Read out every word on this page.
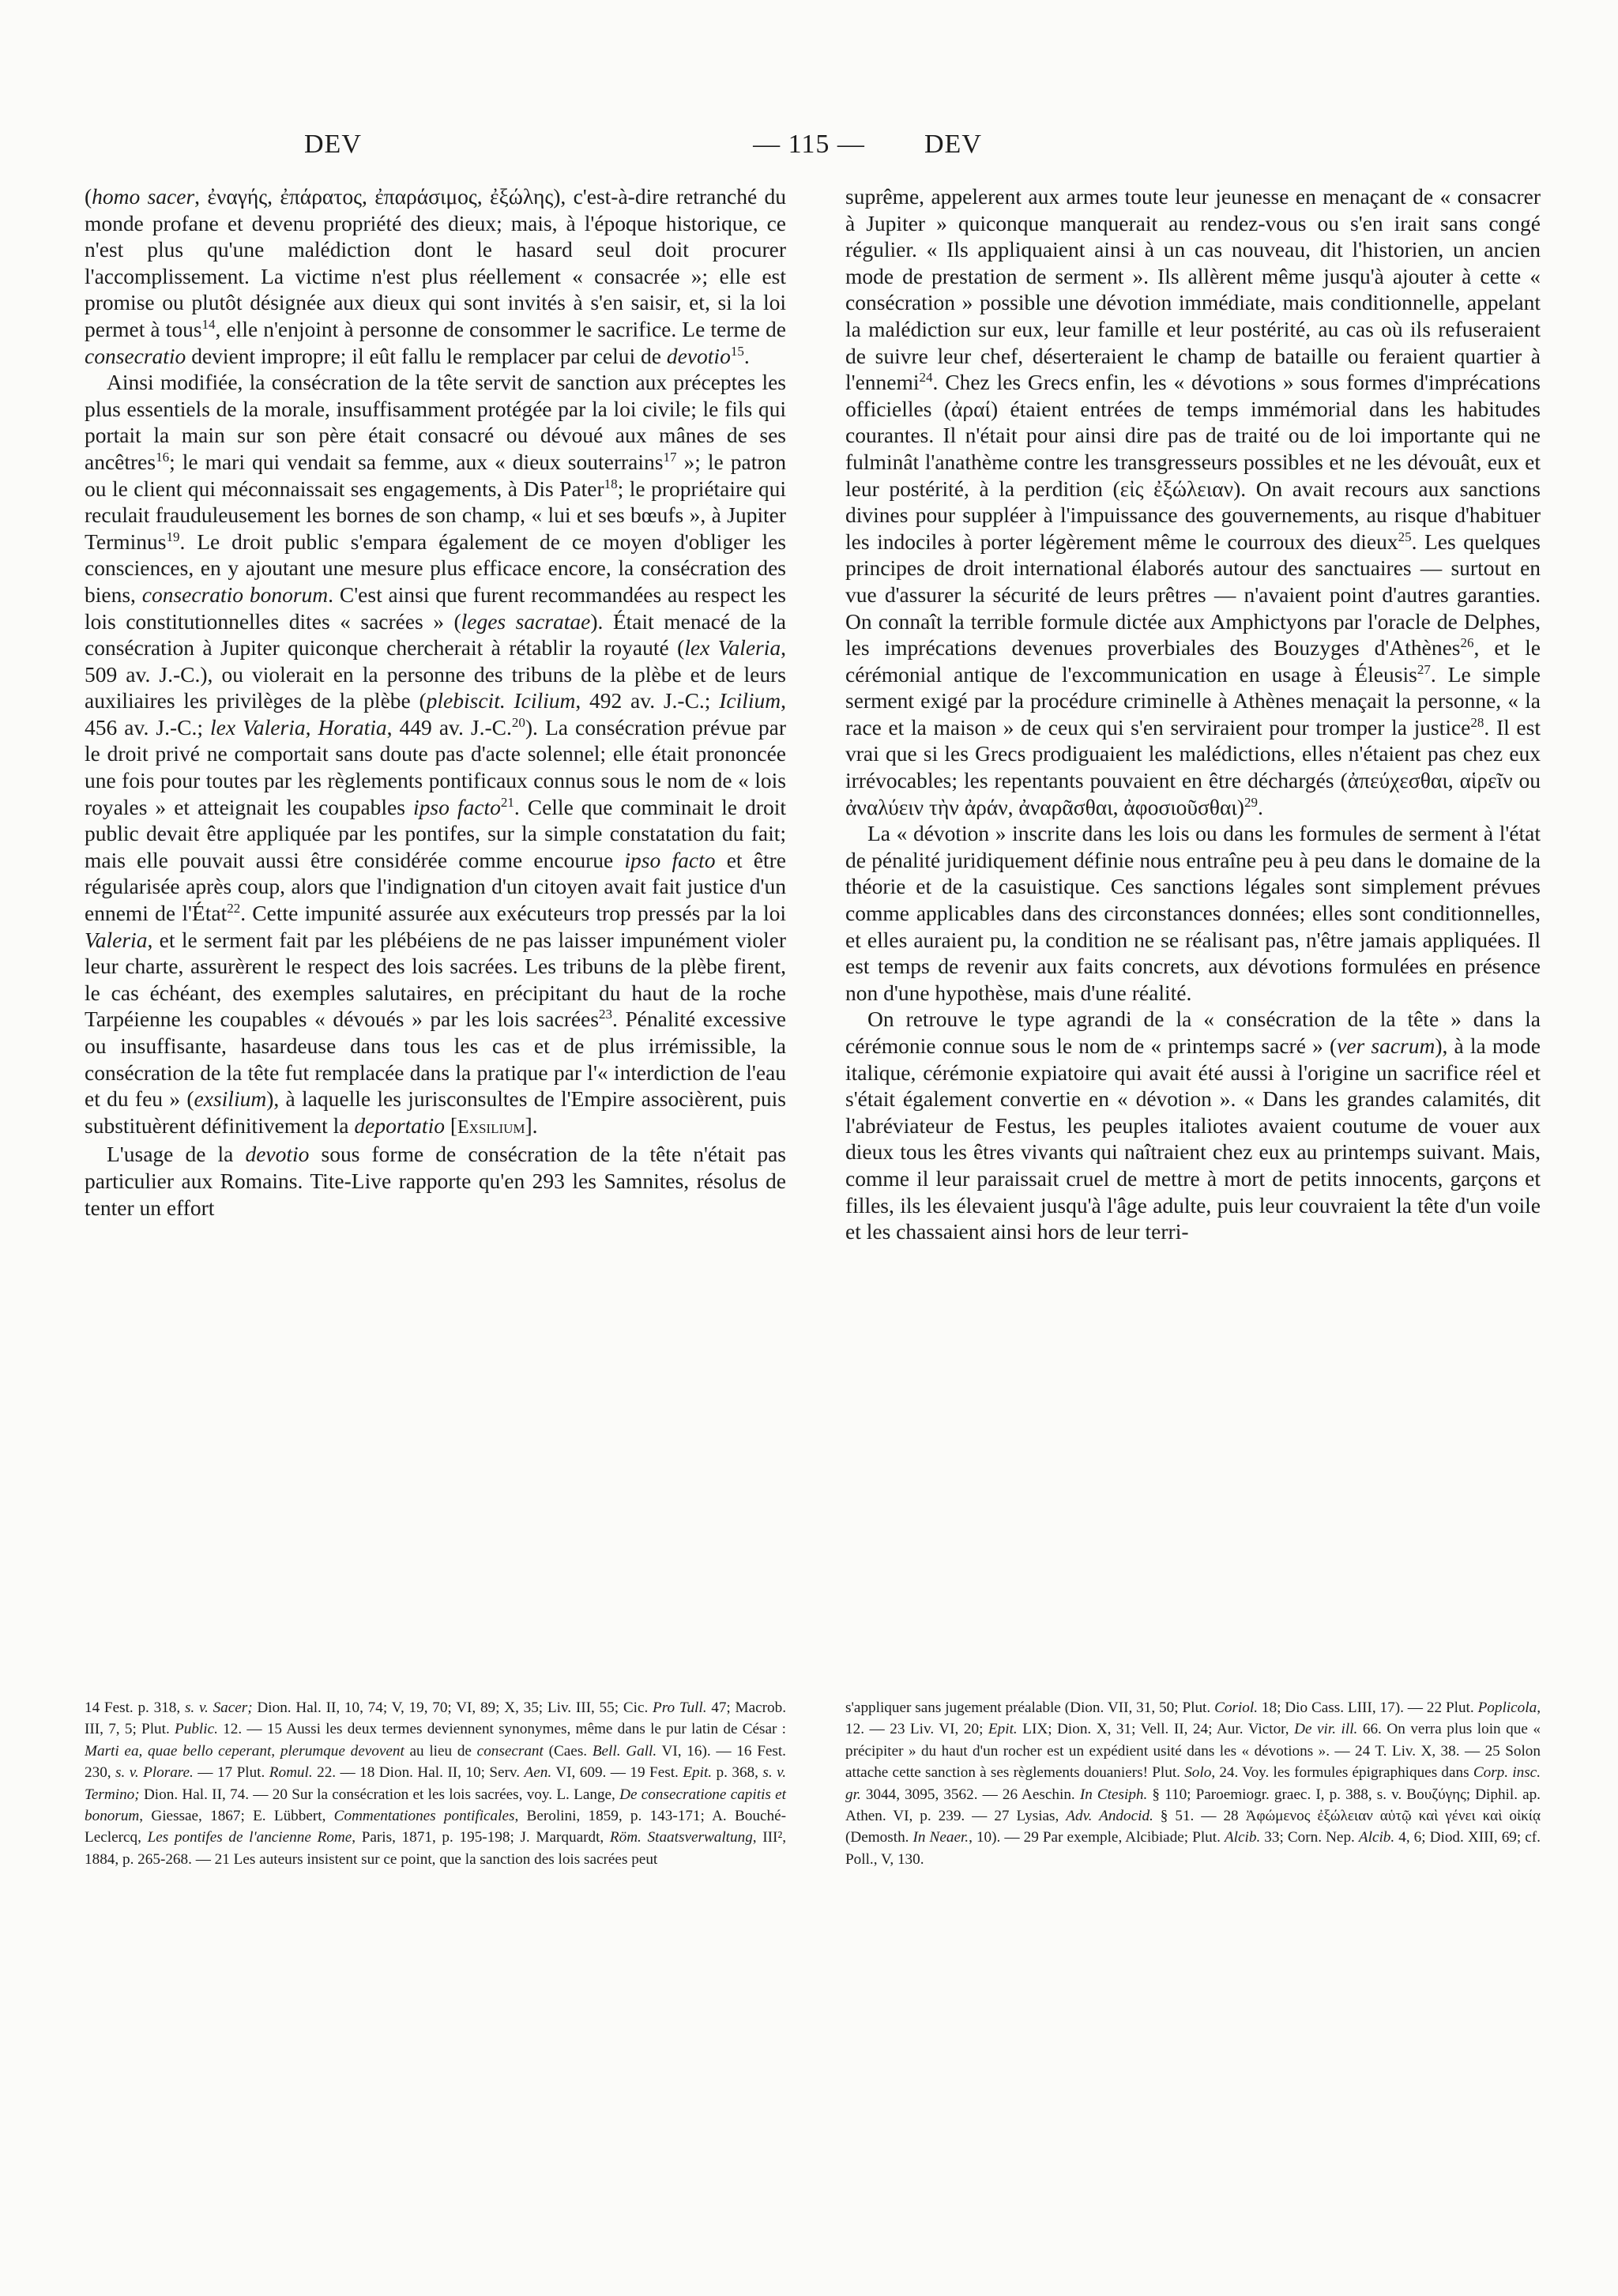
DEV	— 115 —	DEV

(homo sacer, ἐναγής, ἐπάρατος, ἐπαράσιμος, ἐξώλης), c'est-à-dire retranché du monde profane et devenu propriété des dieux; mais, à l'époque historique, ce n'est plus qu'une malédiction dont le hasard seul doit procurer l'accomplissement. La victime n'est plus réellement « consacrée »; elle est promise ou plutôt désignée aux dieux qui sont invités à s'en saisir, et, si la loi permet à tous$^{14}$, elle n'enjoint à personne de consommer le sacrifice. Le terme de consecratio devient impropre; il eût fallu le remplacer par celui de devotio$^{15}$.

Ainsi modifiée, la consécration de la tête servit de sanction aux préceptes les plus essentiels de la morale, insuffisamment protégée par la loi civile; le fils qui portait la main sur son père était consacré ou dévoué aux mânes de ses ancêtres$^{16}$; le mari qui vendait sa femme, aux « dieux souterrains$^{17}$ »; le patron ou le client qui méconnaissait ses engagements, à Dis Pater$^{18}$; le propriétaire qui reculait frauduleusement les bornes de son champ, « lui et ses bœufs », à Jupiter Terminus$^{19}$. Le droit public s'empara également de ce moyen d'obliger les consciences, en y ajoutant une mesure plus efficace encore, la consécration des biens, consecratio bonorum. C'est ainsi que furent recommandées au respect les lois constitutionnelles dites « sacrées » (leges sacratae). Était menacé de la consécration à Jupiter quiconque chercherait à rétablir la royauté (lex Valeria, 509 av. J.-C.), ou violerait en la personne des tribuns de la plèbe et de leurs auxiliaires les privilèges de la plèbe (plebiscit. Icilium, 492 av. J.-C.; Icilium, 456 av. J.-C.; lex Valeria, Horatia, 449 av. J.-C.$^{20}$). La consécration prévue par le droit privé ne comportait sans doute pas d'acte solennel; elle était prononcée une fois pour toutes par les règlements pontificaux connus sous le nom de « lois royales » et atteignait les coupables ipso facto$^{21}$. Celle que comminait le droit public devait être appliquée par les pontifes, sur la simple constatation du fait; mais elle pouvait aussi être considérée comme encourue ipso facto et être régularisée après coup, alors que l'indignation d'un citoyen avait fait justice d'un ennemi de l'État$^{22}$. Cette impunité assurée aux exécuteurs trop pressés par la loi Valeria, et le serment fait par les plébéiens de ne pas laisser impunément violer leur charte, assurèrent le respect des lois sacrées. Les tribuns de la plèbe firent, le cas échéant, des exemples salutaires, en précipitant du haut de la roche Tarpéienne les coupables « dévoués » par les lois sacrées$^{23}$. Pénalité excessive ou insuffisante, hasardeuse dans tous les cas et de plus irrémissible, la consécration de la tête fut remplacée dans la pratique par l'« interdiction de l'eau et du feu » (exsilium), à laquelle les jurisconsultes de l'Empire associèrent, puis substituèrent définitivement la deportatio [Exsilium].

L'usage de la devotio sous forme de consécration de la tête n'était pas particulier aux Romains. Tite-Live rapporte qu'en 293 les Samnites, résolus de tenter un effort

suprême, appelerent aux armes toute leur jeunesse en menaçant de « consacrer à Jupiter » quiconque manquerait au rendez-vous ou s'en irait sans congé régulier. « Ils appliquaient ainsi à un cas nouveau, dit l'historien, un ancien mode de prestation de serment ». Ils allèrent même jusqu'à ajouter à cette « consécration » possible une dévotion immédiate, mais conditionnelle, appelant la malédiction sur eux, leur famille et leur postérité, au cas où ils refuseraient de suivre leur chef, déserteraient le champ de bataille ou feraient quartier à l'ennemi$^{24}$. Chez les Grecs enfin, les « dévotions » sous formes d'imprécations officielles (ἀραί) étaient entrées de temps immémorial dans les habitudes courantes. Il n'était pour ainsi dire pas de traité ou de loi importante qui ne fulminât l'anathème contre les transgresseurs possibles et ne les dévouât, eux et leur postérité, à la perdition (εἰς ἐξώλειαν). On avait recours aux sanctions divines pour suppléer à l'impuissance des gouvernements, au risque d'habituer les indociles à porter légèrement même le courroux des dieux$^{25}$. Les quelques principes de droit international élaborés autour des sanctuaires — surtout en vue d'assurer la sécurité de leurs prêtres — n'avaient point d'autres garanties. On connaît la terrible formule dictée aux Amphictyons par l'oracle de Delphes, les imprécations devenues proverbiales des Bouzyges d'Athènes$^{26}$, et le cérémonial antique de l'excommunication en usage à Éleusis$^{27}$. Le simple serment exigé par la procédure criminelle à Athènes menaçait la personne, « la race et la maison » de ceux qui s'en serviraient pour tromper la justice$^{28}$. Il est vrai que si les Grecs prodiguaient les malédictions, elles n'étaient pas chez eux irrévocables; les repentants pouvaient en être déchargés (ἀπεύχεσθαι, αἱρεῖν ou ἀναλύειν τὴν ἀράν, ἀναρᾶσθαι, ἀφοσιοῦσθαι)$^{29}$.

La « dévotion » inscrite dans les lois ou dans les formules de serment à l'état de pénalité juridiquement définie nous entraîne peu à peu dans le domaine de la théorie et de la casuistique. Ces sanctions légales sont simplement prévues comme applicables dans des circonstances données; elles sont conditionnelles, et elles auraient pu, la condition ne se réalisant pas, n'être jamais appliquées. Il est temps de revenir aux faits concrets, aux dévotions formulées en présence non d'une hypothèse, mais d'une réalité.

On retrouve le type agrandi de la « consécration de la tête » dans la cérémonie connue sous le nom de « printemps sacré » (ver sacrum), à la mode italique, cérémonie expiatoire qui avait été aussi à l'origine un sacrifice réel et s'était également convertie en « dévotion ». « Dans les grandes calamités, dit l'abréviateur de Festus, les peuples italiotes avaient coutume de vouer aux dieux tous les êtres vivants qui naîtraient chez eux au printemps suivant. Mais, comme il leur paraissait cruel de mettre à mort de petits innocents, garçons et filles, ils les élevaient jusqu'à l'âge adulte, puis leur couvraient la tête d'un voile et les chassaient ainsi hors de leur terri-

14 Fest. p. 318, s. v. Sacer; Dion. Hal. II, 10, 74; V, 19, 70; VI, 89; X, 35; Liv. III, 55; Cic. Pro Tull. 47; Macrob. III, 7, 5; Plut. Public. 12. — 15 Aussi les deux termes deviennent synonymes, même dans le pur latin de César : Marti ea, quae bello ceperant, plerumque devovent au lieu de consecrant (Caes. Bell. Gall. VI, 16). — 16 Fest. 230, s. v. Plorare. — 17 Plut. Romul. 22. — 18 Dion. Hal. II, 10; Serv. Aen. VI, 609. — 19 Fest. Epit. p. 368, s. v. Termino; Dion. Hal. II, 74. — 20 Sur la consécration et les lois sacrées, voy. L. Lange, De consecratione capitis et bonorum, Giessae, 1867; E. Lübbert, Commentationes pontificales, Berolini, 1859, p. 143-171; A. Bouché-Leclercq, Les pontifes de l'ancienne Rome, Paris, 1871, p. 195-198; J. Marquardt, Röm. Staatsverwaltung, III², 1884, p. 265-268. — 21 Les auteurs insistent sur ce point, que la sanction des lois sacrées peut
s'appliquer sans jugement préalable (Dion. VII, 31, 50; Plut. Coriol. 18; Dio Cass. LIII, 17). — 22 Plut. Poplicola, 12. — 23 Liv. VI, 20; Epit. LIX; Dion. X, 31; Vell. II, 24; Aur. Victor, De vir. ill. 66. On verra plus loin que « précipiter » du haut d'un rocher est un expédient usité dans les « dévotions ». — 24 T. Liv. X, 38. — 25 Solon attache cette sanction à ses règlements douaniers! Plut. Solo, 24. Voy. les formules épigraphiques dans Corp. insc. gr. 3044, 3095, 3562. — 26 Aeschin. In Ctesiph. § 110; Paroemiogr. graec. I, p. 388, s. v. Βουζύγης; Diphil. ap. Athen. VI, p. 239. — 27 Lysias, Adv. Andocid. § 51. — 28 Ἀφώμενος ἐξώλειαν αὑτῷ καὶ γένει καὶ οἰκίᾳ (Demosth. In Neaer., 10). — 29 Par exemple, Alcibiade; Plut. Alcib. 33; Corn. Nep. Alcib. 4, 6; Diod. XIII, 69; cf. Poll., V, 130.
